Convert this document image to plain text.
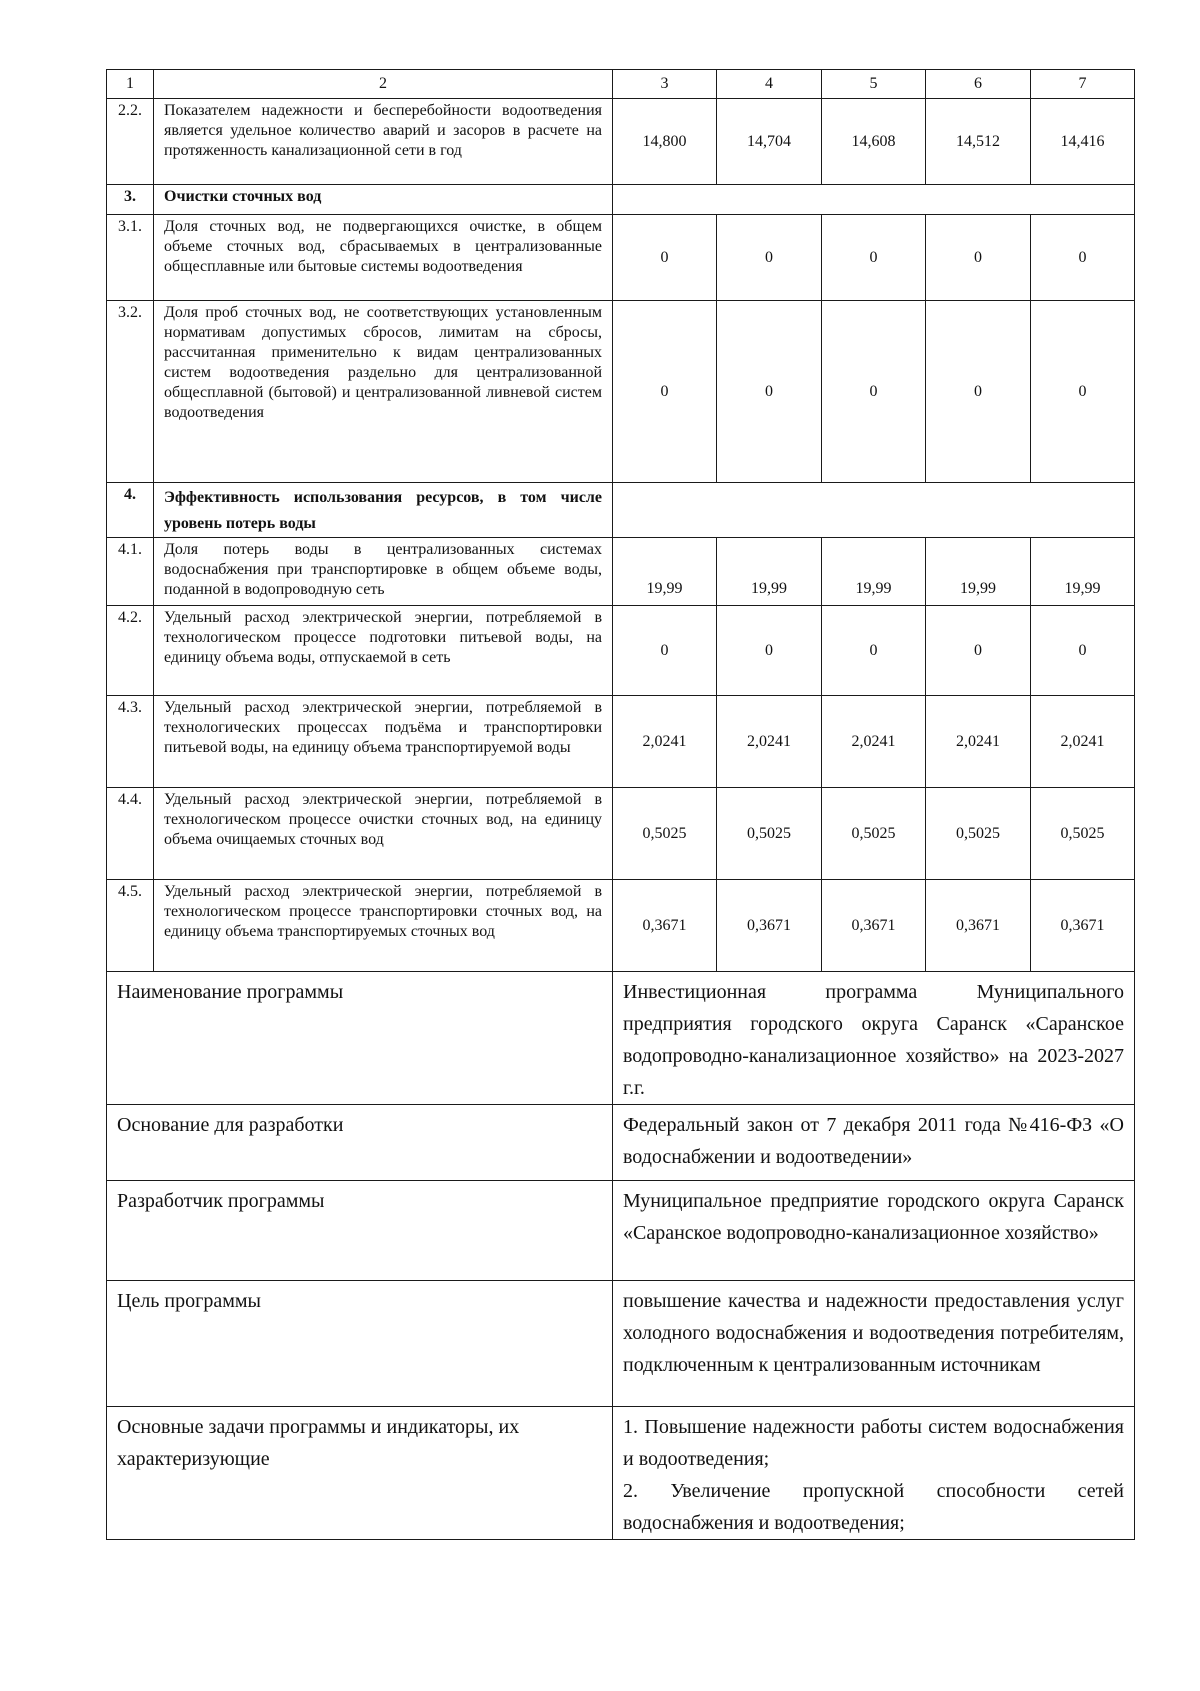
1	2	3	4	5	6	7
2.2.	Показателем надежности и бесперебойности водоотведения является удельное количество аварий и засоров в расчете на протяженность канализационной сети в год	14,800	14,704	14,608	14,512	14,416
3.	Очистки сточных вод					
3.1.	Доля сточных вод, не подвергающихся очистке, в общем объеме сточных вод, сбрасываемых в централизованные общесплавные или бытовые системы водоотведения	0	0	0	0	0
3.2.	Доля проб сточных вод, не соответствующих установленным нормативам допустимых сбросов, лимитам на сбросы, рассчитанная применительно к видам централизованных систем водоотведения раздельно для централизованной общесплавной (бытовой) и централизованной ливневой систем водоотведения	0	0	0	0	0
4.	Эффективность использования ресурсов, в том числе уровень потерь воды					
4.1.	Доля потерь воды в централизованных системах водоснабжения при транспортировке в общем объеме воды, поданной в водопроводную сеть	19,99	19,99	19,99	19,99	19,99
4.2.	Удельный расход электрической энергии, потребляемой в технологическом процессе подготовки питьевой воды, на единицу объема воды, отпускаемой в сеть	0	0	0	0	0
4.3.	Удельный расход электрической энергии, потребляемой в технологических процессах подъёма и транспортировки питьевой воды, на единицу объема транспортируемой воды	2,0241	2,0241	2,0241	2,0241	2,0241
4.4.	Удельный расход электрической энергии, потребляемой в технологическом процессе очистки сточных вод, на единицу объема очищаемых сточных вод	0,5025	0,5025	0,5025	0,5025	0,5025
4.5.	Удельный расход электрической энергии, потребляемой в технологическом процессе транспортировки сточных вод, на единицу объема транспортируемых сточных вод	0,3671	0,3671	0,3671	0,3671	0,3671
Наименование программы	Инвестиционная программа Муниципального предприятия городского округа Саранск «Саранское водопроводно-канализационное хозяйство» на 2023-2027 г.г.
Основание для разработки	Федеральный закон от 7 декабря 2011 года №416-ФЗ «О водоснабжении и водоотведении»
Разработчик программы	Муниципальное предприятие городского округа Саранск «Саранское водопроводно-канализационное хозяйство»
Цель программы	повышение качества и надежности предоставления услуг холодного водоснабжения и водоотведения потребителям, подключенным к централизованным источникам
Основные задачи программы и индикаторы, их характеризующие	1. Повышение надежности работы систем водоснабжения и водоотведения;

2. Увеличение пропускной способности сетей водоснабжения и водоотведения;
